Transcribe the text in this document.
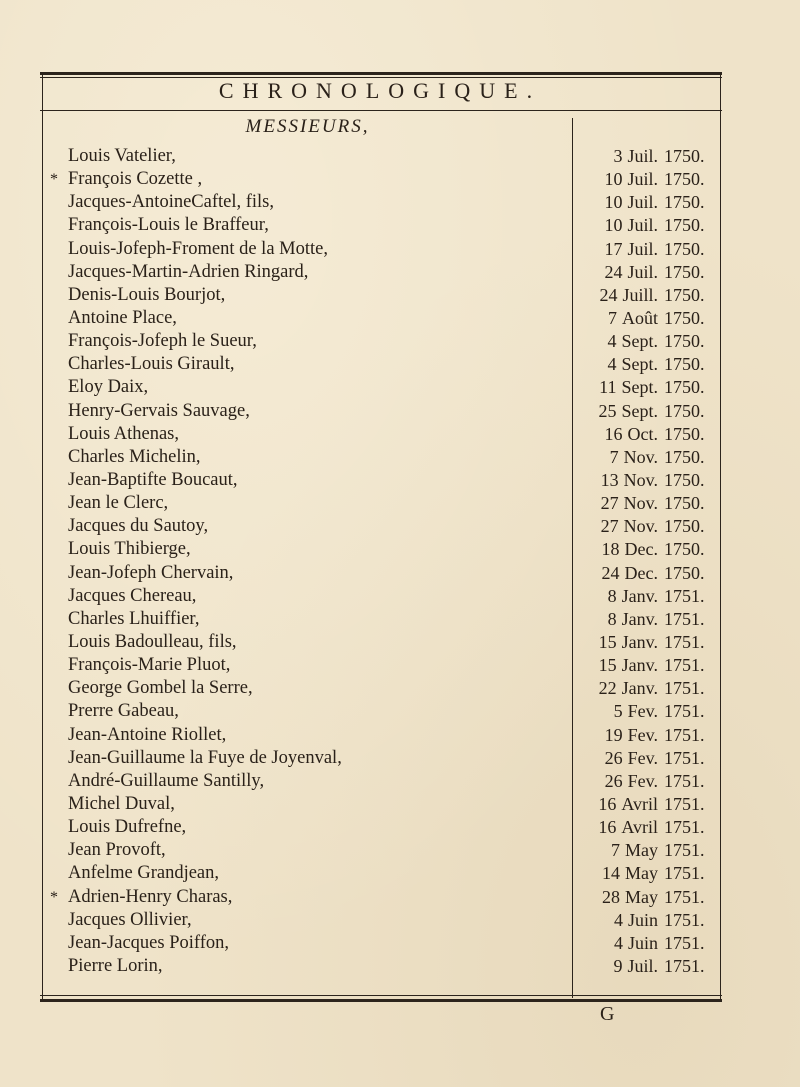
CHRONOLOGIQUE.
MESSIEURS,
Louis Vatelier,
* François Cozette ,
Jacques-AntoineCaftel, fils,
François-Louis le Braffeur,
Louis-Jofeph-Froment de la Motte,
Jacques-Martin-Adrien Ringard,
Denis-Louis Bourjot,
Antoine Place,
François-Jofeph le Sueur,
Charles-Louis Girault,
Eloy Daix,
Henry-Gervais Sauvage,
Louis Athenas,
Charles Michelin,
Jean-Baptifte Boucaut,
Jean le Clerc,
Jacques du Sautoy,
Louis Thibierge,
Jean-Jofeph Chervain,
Jacques Chereau,
Charles Lhuiffier,
Louis Badoulleau, fils,
François-Marie Pluot,
George Gombel la Serre,
Prerre Gabeau,
Jean-Antoine Riollet,
Jean-Guillaume la Fuye de Joyenval,
André-Guillaume Santilly,
Michel Duval,
Louis Dufrefne,
Jean Provoft,
Anfelme Grandjean,
* Adrien-Henry Charas,
Jacques Ollivier,
Jean-Jacques Poiffon,
Pierre Lorin,
3 Juil. 1750.
10 Juil. 1750.
10 Juil. 1750.
10 Juil. 1750.
17 Juil. 1750.
24 Juil. 1750.
24 Juill. 1750.
7 Août 1750.
4 Sept. 1750.
4 Sept. 1750.
11 Sept. 1750.
25 Sept. 1750.
16 Oct. 1750.
7 Nov. 1750.
13 Nov. 1750.
27 Nov. 1750.
27 Nov. 1750.
18 Dec. 1750.
24 Dec. 1750.
8 Janv. 1751.
8 Janv. 1751.
15 Janv. 1751.
15 Janv. 1751.
22 Janv. 1751.
5 Fev. 1751.
19 Fev. 1751.
26 Fev. 1751.
26 Fev. 1751.
16 Avril 1751.
16 Avril 1751.
7 May 1751.
14 May 1751.
28 May 1751.
4 Juin 1751.
4 Juin 1751.
9 Juil. 1751.
G
